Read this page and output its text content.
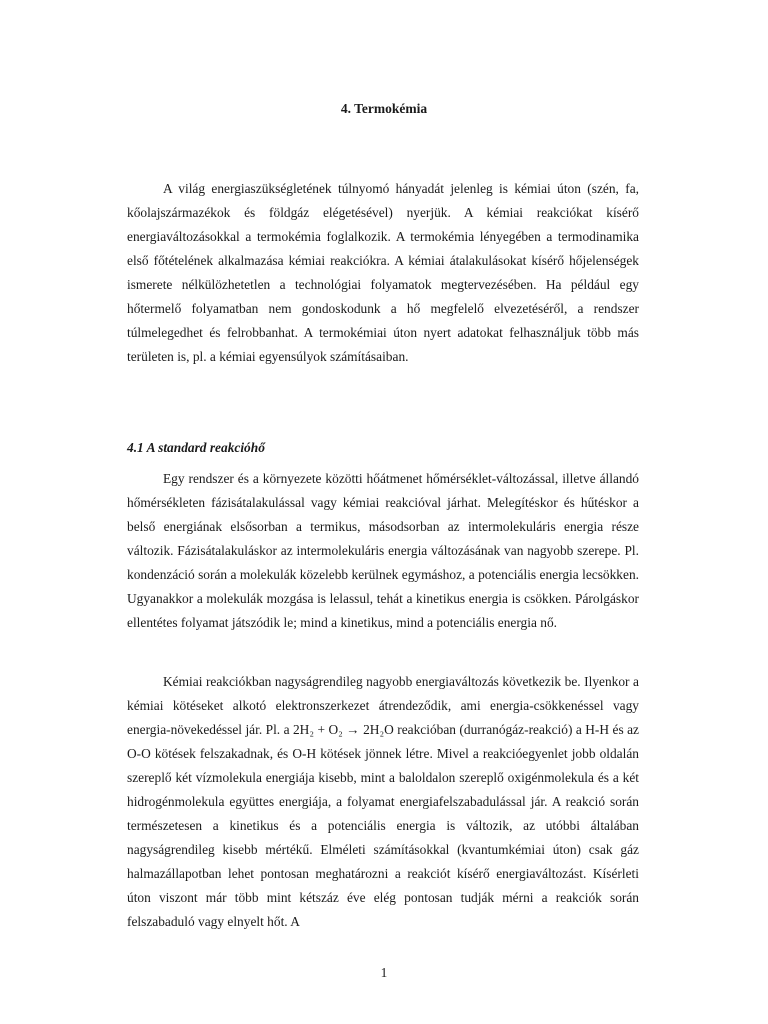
4. Termokémia

A világ energiaszükségletének túlnyomó hányadát jelenleg is kémiai úton (szén, fa, kőolajszármazékok és földgáz elégetésével) nyerjük. A kémiai reakciókat kísérő energiaváltozásokkal a termokémia foglalkozik. A termokémia lényegében a termodinamika első főtételének alkalmazása kémiai reakciókra. A kémiai átalakulásokat kísérő hőjelenségek ismerete nélkülözhetetlen a technológiai folyamatok megtervezésében. Ha például egy hőtermelő folyamatban nem gondoskodunk a hő megfelelő elvezetéséről, a rendszer túlmelegedhet és felrobbanhat. A termokémiai úton nyert adatokat felhasználjuk több más területen is, pl. a kémiai egyensúlyok számításaiban.

4.1 A standard reakcióhő

Egy rendszer és a környezete közötti hőátmenet hőmérséklet-változással, illetve állandó hőmérsékleten fázisátalakulással vagy kémiai reakcióval járhat. Melegítéskor és hűtéskor a belső energiának elsősorban a termikus, másodsorban az intermolekuláris energia része változik. Fázisátalakuláskor az intermolekuláris energia változásának van nagyobb szerepe. Pl. kondenzáció során a molekulák közelebb kerülnek egymáshoz, a potenciális energia lecsökken. Ugyanakkor a molekulák mozgása is lelassul, tehát a kinetikus energia is csökken. Párolgáskor ellentétes folyamat játszódik le; mind a kinetikus, mind a potenciális energia nő.

Kémiai reakciókban nagyságrendileg nagyobb energiaváltozás következik be. Ilyenkor a kémiai kötéseket alkotó elektronszerkezet átrendeződik, ami energia-csökkenéssel vagy energia-növekedéssel jár. Pl. a 2H₂ + O₂ → 2H₂O reakcióban (durranógáz-reakció) a H-H és az O-O kötések felszakadnak, és O-H kötések jönnek létre. Mivel a reakcióegyenlet jobb oldalán szereplő két vízmolekula energiája kisebb, mint a baloldalon szereplő oxigénmolekula és a két hidrogénmolekula együttes energiája, a folyamat energiafelszabadulással jár. A reakció során természetesen a kinetikus és a potenciális energia is változik, az utóbbi általában nagyságrendileg kisebb mértékű. Elméleti számításokkal (kvantumkémiai úton) csak gáz halmazállapotban lehet pontosan meghatározni a reakciót kísérő energiaváltozást. Kísérleti úton viszont már több mint kétszáz éve elég pontosan tudják mérni a reakciók során felszabaduló vagy elnyelt hőt. A

1
